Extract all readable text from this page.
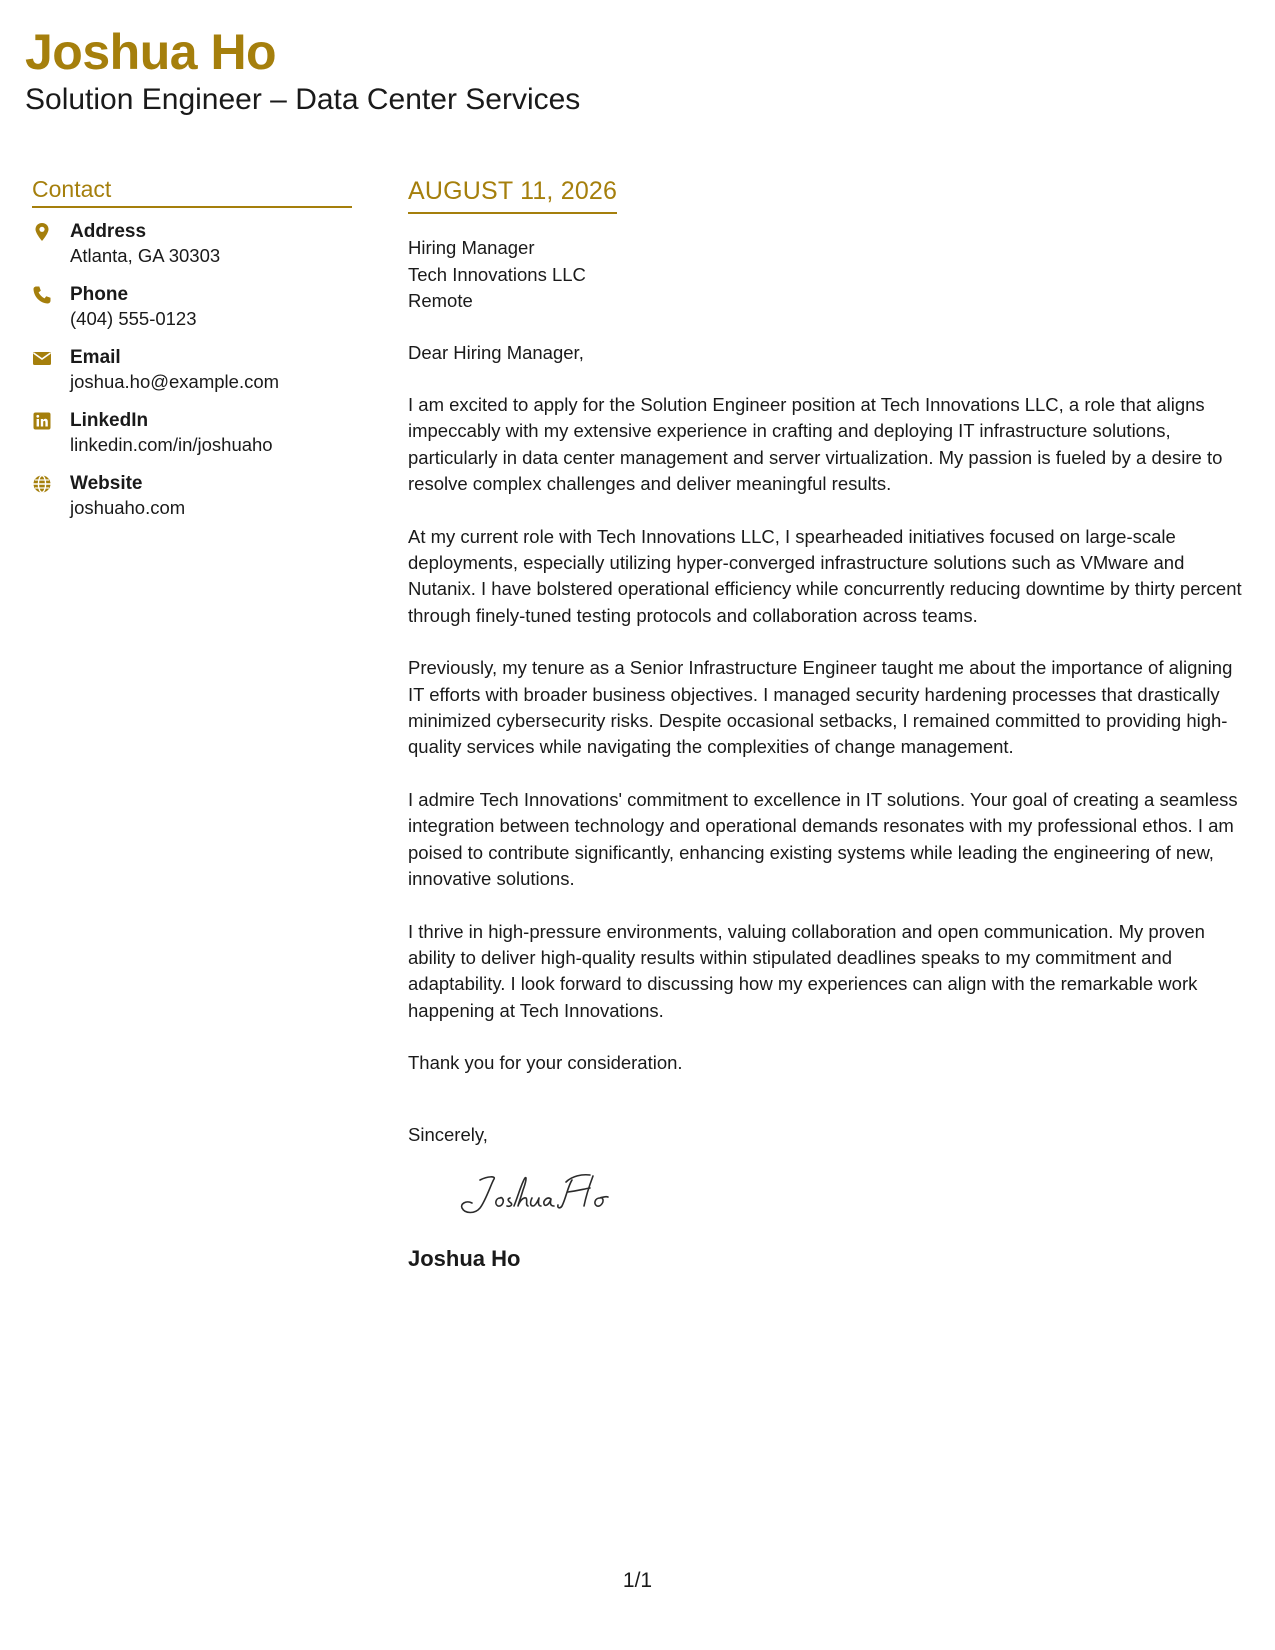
Joshua Ho
Solution Engineer – Data Center Services
Contact
Address
Atlanta, GA 30303
Phone
(404) 555-0123
Email
joshua.ho@example.com
LinkedIn
linkedin.com/in/joshuaho
Website
joshuaho.com
AUGUST 11, 2026
Hiring Manager
Tech Innovations LLC
Remote
Dear Hiring Manager,
I am excited to apply for the Solution Engineer position at Tech Innovations LLC, a role that aligns impeccably with my extensive experience in crafting and deploying IT infrastructure solutions, particularly in data center management and server virtualization. My passion is fueled by a desire to resolve complex challenges and deliver meaningful results.
At my current role with Tech Innovations LLC, I spearheaded initiatives focused on large-scale deployments, especially utilizing hyper-converged infrastructure solutions such as VMware and Nutanix. I have bolstered operational efficiency while concurrently reducing downtime by thirty percent through finely-tuned testing protocols and collaboration across teams.
Previously, my tenure as a Senior Infrastructure Engineer taught me about the importance of aligning IT efforts with broader business objectives. I managed security hardening processes that drastically minimized cybersecurity risks. Despite occasional setbacks, I remained committed to providing high-quality services while navigating the complexities of change management.
I admire Tech Innovations' commitment to excellence in IT solutions. Your goal of creating a seamless integration between technology and operational demands resonates with my professional ethos. I am poised to contribute significantly, enhancing existing systems while leading the engineering of new, innovative solutions.
I thrive in high-pressure environments, valuing collaboration and open communication. My proven ability to deliver high-quality results within stipulated deadlines speaks to my commitment and adaptability. I look forward to discussing how my experiences can align with the remarkable work happening at Tech Innovations.
Thank you for your consideration.
Sincerely,
Joshua Ho
1/1
